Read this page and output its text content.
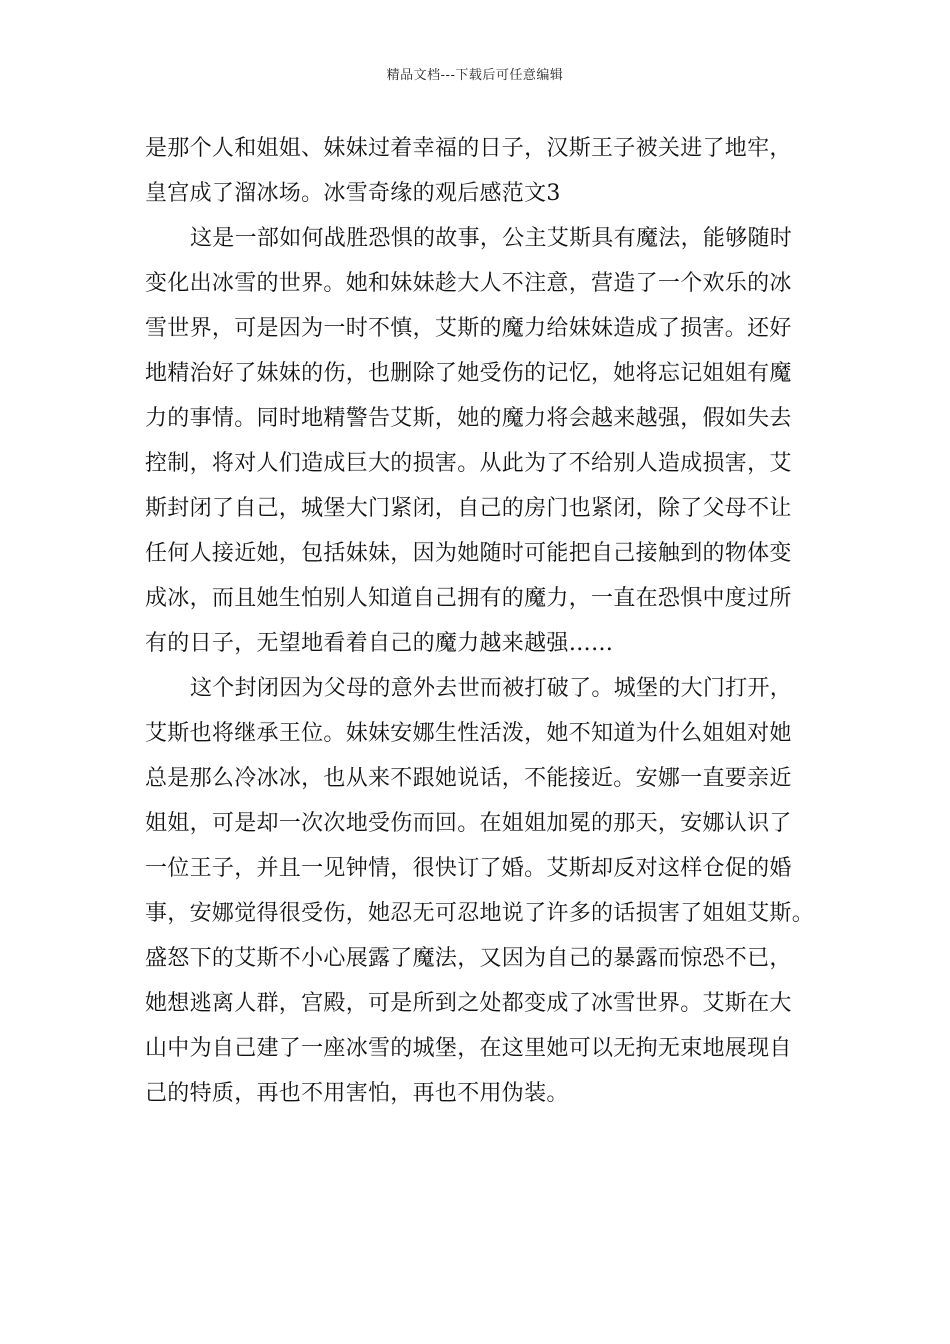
精品文档---下载后可任意编辑
是那个人和姐姐、妹妹过着幸福的日子，汉斯王子被关进了地牢，
皇宫成了溜冰场。冰雪奇缘的观后感范文3
这是一部如何战胜恐惧的故事，公主艾斯具有魔法，能够随时
变化出冰雪的世界。她和妹妹趁大人不注意，营造了一个欢乐的冰
雪世界，可是因为一时不慎，艾斯的魔力给妹妹造成了损害。还好
地精治好了妹妹的伤，也删除了她受伤的记忆，她将忘记姐姐有魔
力的事情。同时地精警告艾斯，她的魔力将会越来越强，假如失去
控制，将对人们造成巨大的损害。从此为了不给别人造成损害，艾
斯封闭了自己，城堡大门紧闭，自己的房门也紧闭，除了父母不让
任何人接近她，包括妹妹，因为她随时可能把自己接触到的物体变
成冰，而且她生怕别人知道自己拥有的魔力，一直在恐惧中度过所
有的日子，无望地看着自己的魔力越来越强……
这个封闭因为父母的意外去世而被打破了。城堡的大门打开，
艾斯也将继承王位。妹妹安娜生性活泼，她不知道为什么姐姐对她
总是那么冷冰冰，也从来不跟她说话，不能接近。安娜一直要亲近
姐姐，可是却一次次地受伤而回。在姐姐加冕的那天，安娜认识了
一位王子，并且一见钟情，很快订了婚。艾斯却反对这样仓促的婚
事，安娜觉得很受伤，她忍无可忍地说了许多的话损害了姐姐艾斯。
盛怒下的艾斯不小心展露了魔法，又因为自己的暴露而惊恐不已，
她想逃离人群，宫殿，可是所到之处都变成了冰雪世界。艾斯在大
山中为自己建了一座冰雪的城堡，在这里她可以无拘无束地展现自
己的特质，再也不用害怕，再也不用伪装。
